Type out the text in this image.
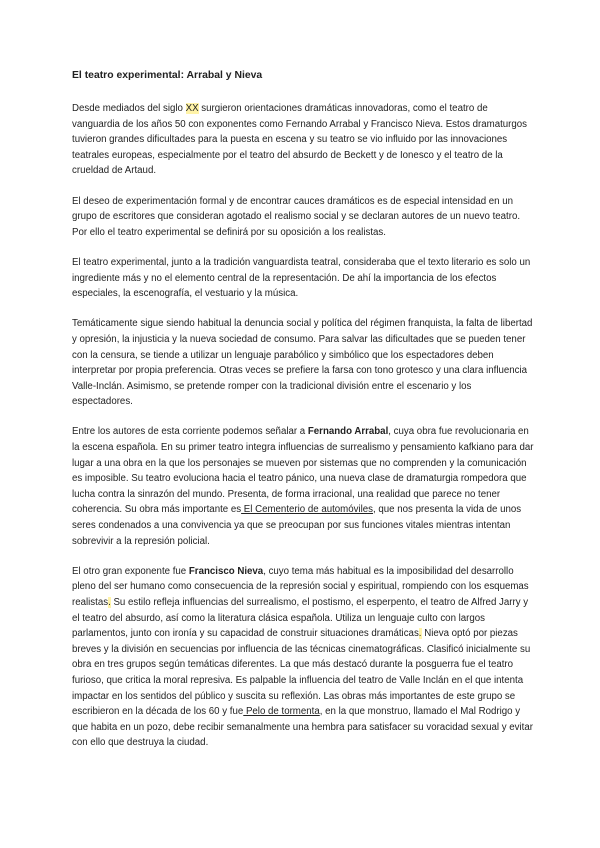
El teatro experimental: Arrabal y Nieva

Desde mediados del siglo XX surgieron orientaciones dramáticas innovadoras, como el teatro de vanguardia de los años 50 con exponentes como Fernando Arrabal y Francisco Nieva. Estos dramaturgos tuvieron grandes dificultades para la puesta en escena y su teatro se vio influido por las innovaciones teatrales europeas, especialmente por el teatro del absurdo de Beckett y de Ionesco y el teatro de la crueldad de Artaud.

El deseo de experimentación formal y de encontrar cauces dramáticos es de especial intensidad en un grupo de escritores que consideran agotado el realismo social y se declaran autores de un nuevo teatro. Por ello el teatro experimental se definirá por su oposición a los realistas.

El teatro experimental, junto a la tradición vanguardista teatral, consideraba que el texto literario es solo un ingrediente más y no el elemento central de la representación. De ahí la importancia de los efectos especiales, la escenografía, el vestuario y la música.

Temáticamente sigue siendo habitual la denuncia social y política del régimen franquista, la falta de libertad y opresión, la injusticia y la nueva sociedad de consumo. Para salvar las dificultades que se pueden tener con la censura, se tiende a utilizar un lenguaje parabólico y simbólico que los espectadores deben interpretar por propia preferencia. Otras veces se prefiere la farsa con tono grotesco y una clara influencia Valle-Inclán. Asimismo, se pretende romper con la tradicional división entre el escenario y los espectadores.

Entre los autores de esta corriente podemos señalar a Fernando Arrabal, cuya obra fue revolucionaria en la escena española. En su primer teatro integra influencias de surrealismo y pensamiento kafkiano para dar lugar a una obra en la que los personajes se mueven por sistemas que no comprenden y la comunicación es imposible. Su teatro evoluciona hacia el teatro pánico, una nueva clase de dramaturgia rompedora que lucha contra la sinrazón del mundo. Presenta, de forma irracional, una realidad que parece no tener coherencia. Su obra más importante es El Cementerio de automóviles, que nos presenta la vida de unos seres condenados a una convivencia ya que se preocupan por sus funciones vitales mientras intentan sobrevivir a la represión policial.

El otro gran exponente fue Francisco Nieva, cuyo tema más habitual es la imposibilidad del desarrollo pleno del ser humano como consecuencia de la represión social y espiritual, rompiendo con los esquemas realistas. Su estilo refleja influencias del surrealismo, el postismo, el esperpento, el teatro de Alfred Jarry y el teatro del absurdo, así como la literatura clásica española. Utiliza un lenguaje culto con largos parlamentos, junto con ironía y su capacidad de construir situaciones dramáticas. Nieva optó por piezas breves y la división en secuencias por influencia de las técnicas cinematográficas. Clasificó inicialmente su obra en tres grupos según temáticas diferentes. La que más destacó durante la posguerra fue el teatro furioso, que critica la moral represiva. Es palpable la influencia del teatro de Valle Inclán en el que intenta impactar en los sentidos del público y suscita su reflexión. Las obras más importantes de este grupo se escribieron en la década de los 60 y fue Pelo de tormenta, en la que monstruo, llamado el Mal Rodrigo y que habita en un pozo, debe recibir semanalmente una hembra para satisfacer su voracidad sexual y evitar con ello que destruya la ciudad.
